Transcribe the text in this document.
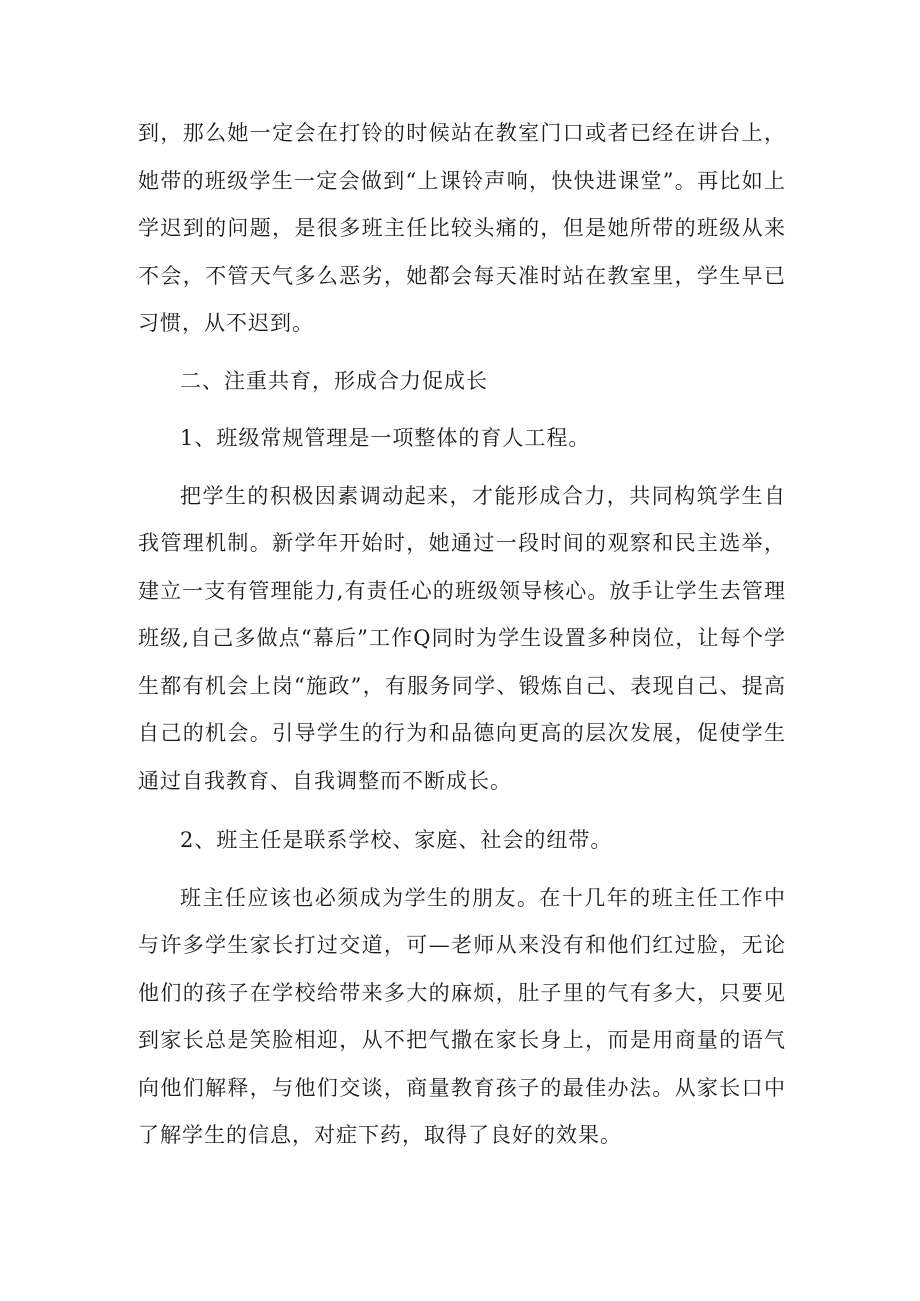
到，那么她一定会在打铃的时候站在教室门口或者已经在讲台上，她带的班级学生一定会做到“上课铃声响，快快进课堂”。再比如上学迟到的问题，是很多班主任比较头痛的，但是她所带的班级从来不会，不管天气多么恶劣，她都会每天准时站在教室里，学生早已习惯，从不迟到。

二、注重共育，形成合力促成长

1、班级常规管理是一项整体的育人工程。

把学生的积极因素调动起来，才能形成合力，共同构筑学生自我管理机制。新学年开始时，她通过一段时间的观察和民主选举，建立一支有管理能力,有责任心的班级领导核心。放手让学生去管理班级,自己多做点“幕后”工作Q同时为学生设置多种岗位，让每个学生都有机会上岗“施政”，有服务同学、锻炼自己、表现自己、提高自己的机会。引导学生的行为和品德向更高的层次发展，促使学生通过自我教育、自我调整而不断成长。

2、班主任是联系学校、家庭、社会的纽带。

班主任应该也必须成为学生的朋友。在十几年的班主任工作中与许多学生家长打过交道，可—老师从来没有和他们红过脸，无论他们的孩子在学校给带来多大的麻烦，肚子里的气有多大，只要见到家长总是笑脸相迎，从不把气撒在家长身上，而是用商量的语气向他们解释，与他们交谈，商量教育孩子的最佳办法。从家长口中了解学生的信息，对症下药，取得了良好的效果。
